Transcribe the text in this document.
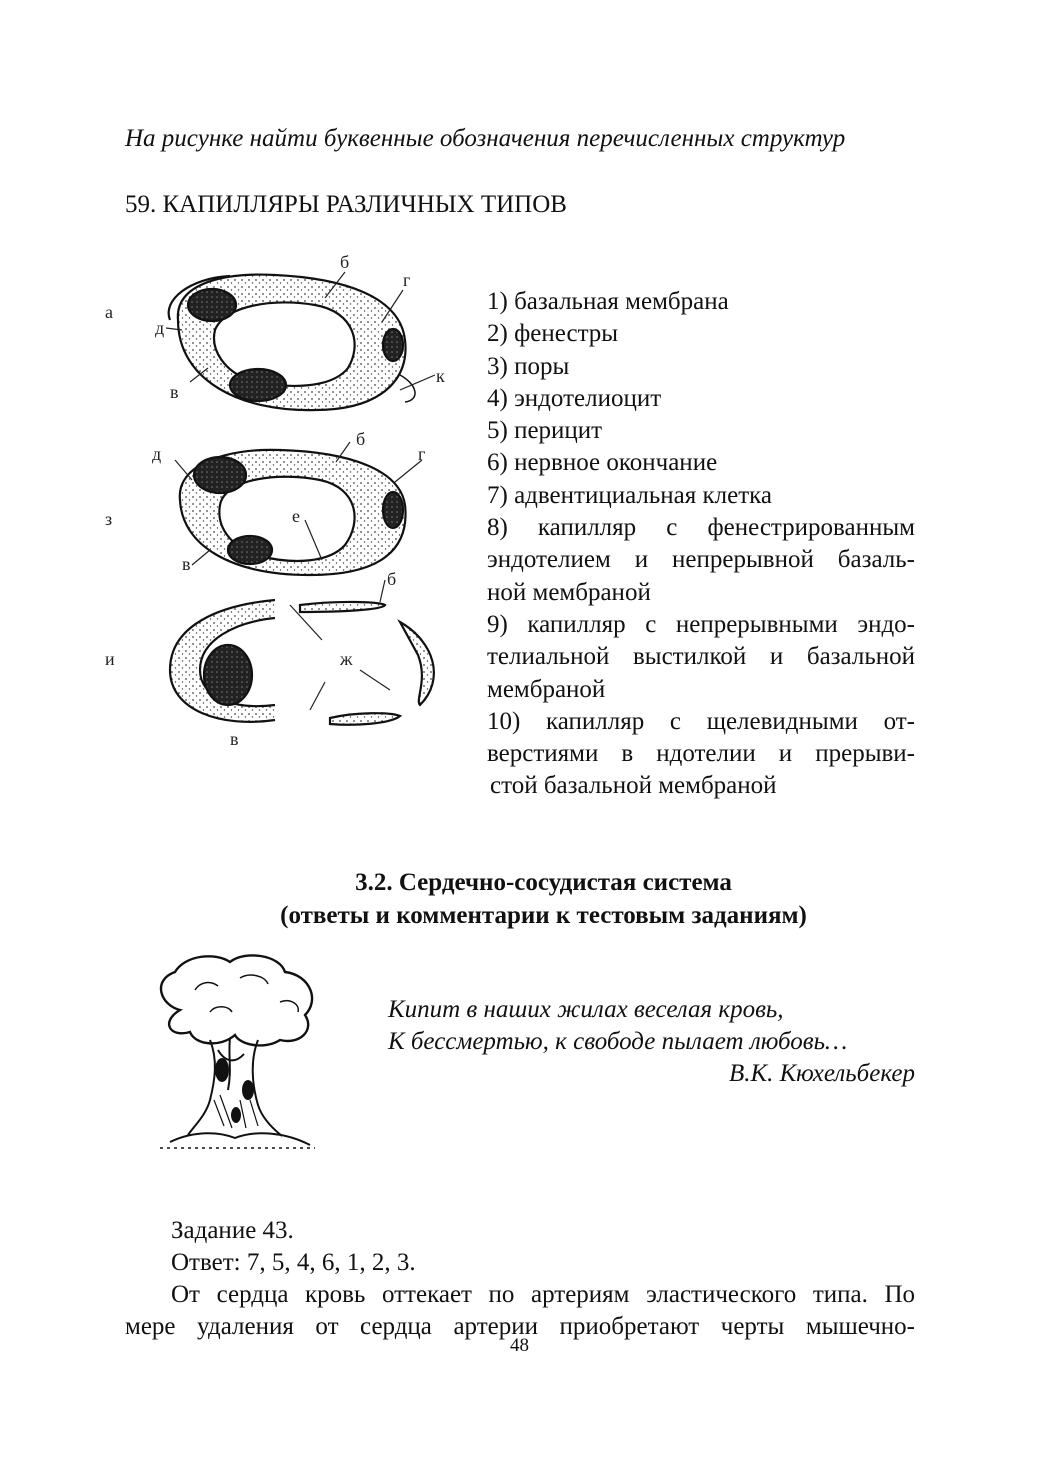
На рисунке найти буквенные обозначения перечисленных структур
59. КАПИЛЛЯРЫ РАЗЛИЧНЫХ ТИПОВ
б
г
а
д
к
в
б
д	г
е
з
в
б
и	ж
в
1) базальная мембрана
2) фенестры
3) поры
4) эндотелиоцит
5) перицит
6) нервное окончание
7) адвентициальная клетка
8) капилляр с фенестрированным
эндотелием и непрерывной базаль-
ной мембраной
9) капилляр с непрерывными эндо-
телиальной выстилкой и базальной
мембраной
10) капилляр с щелевидными от-
верстиями в ндотелии и прерыви-
стой базальной мембраной
3.2. Сердечно-сосудистая система
(ответы и комментарии к тестовым заданиям)
Кипит в наших жилах веселая кровь,
К бессмертью, к свободе пылает любовь…
В.К. Кюхельбекер
Задание 43.
Ответ: 7, 5, 4, 6, 1, 2, 3.
От сердца кровь оттекает по артериям эластического типа. По
мере удаления от сердца артерии приобретают черты мышечно-
48
